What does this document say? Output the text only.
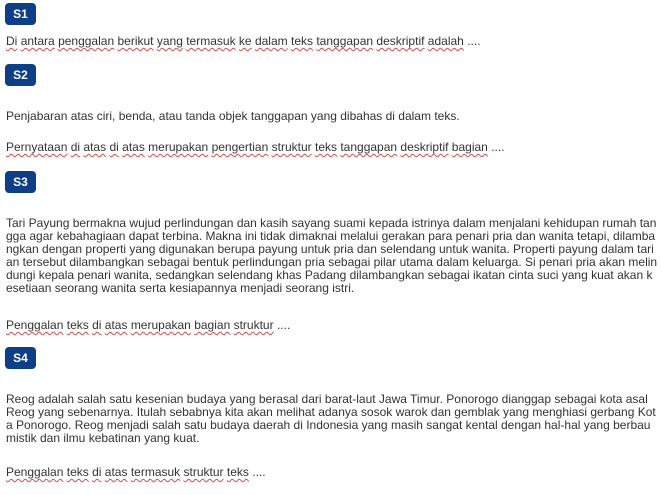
S1
Di antara penggalan berikut yang termasuk ke dalam teks tanggapan deskriptif adalah ....
S2
Penjabaran atas ciri, benda, atau tanda objek tanggapan yang dibahas di dalam teks.
Pernyataan di atas di atas merupakan pengertian struktur teks tanggapan deskriptif bagian ....
S3
Tari Payung bermakna wujud perlindungan dan kasih sayang suami kepada istrinya dalam menjalani kehidupan rumah tan
gga agar kebahagiaan dapat terbina. Makna ini tidak dimaknai melalui gerakan para penari pria dan wanita tetapi, dilamba
ngkan dengan properti yang digunakan berupa payung untuk pria dan selendang untuk wanita. Properti payung dalam tari
an tersebut dilambangkan sebagai bentuk perlindungan pria sebagai pilar utama dalam keluarga. Si penari pria akan melin
dungi kepala penari wanita, sedangkan selendang khas Padang dilambangkan sebagai ikatan cinta suci yang kuat akan k
esetiaan seorang wanita serta kesiapannya menjadi seorang istri.
Penggalan teks di atas merupakan bagian struktur ....
S4
Reog adalah salah satu kesenian budaya yang berasal dari barat-laut Jawa Timur. Ponorogo dianggap sebagai kota asal
Reog yang sebenarnya. Itulah sebabnya kita akan melihat adanya sosok warok dan gemblak yang menghiasi gerbang Kot
a Ponorogo. Reog menjadi salah satu budaya daerah di Indonesia yang masih sangat kental dengan hal-hal yang berbau
mistik dan ilmu kebatinan yang kuat.
Penggalan teks di atas termasuk struktur teks ....
